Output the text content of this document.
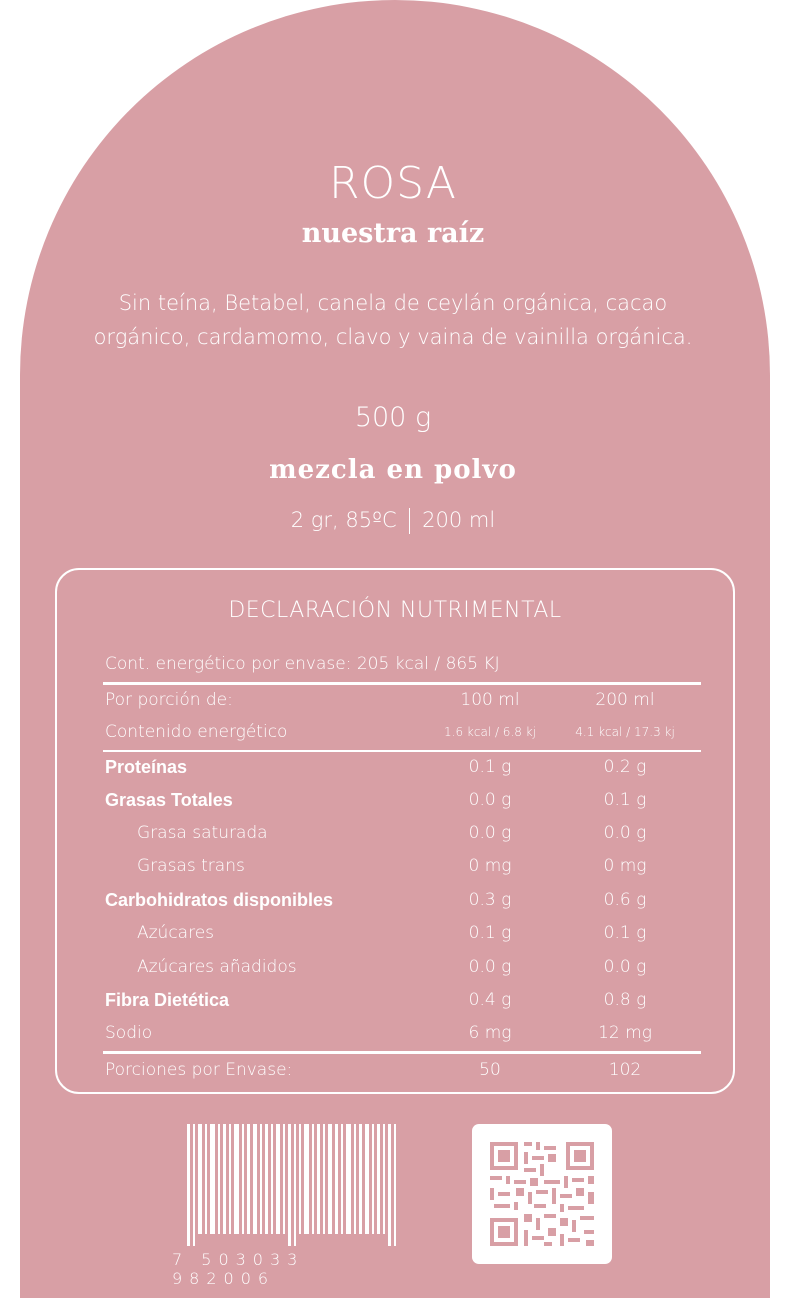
ROSA
nuestra raíz
Sin teína, Betabel, canela de ceylán orgánica, cacao orgánico, cardamomo, clavo y vaina de vainilla orgánica.
500 g
mezcla en polvo
2 gr, 85ºC 200 ml
DECLARACIÓN NUTRIMENTAL
Cont. energético por envase: 205 kcal / 865 KJ
Por porción de:	100 ml	200 ml
Contenido energético	1.6 kcal / 6.8 kj	4.1 kcal / 17.3 kj
Proteínas	0.1 g	0.2 g
Grasas Totales	0.0 g	0.1 g
Grasa saturada	0.0 g	0.0 g
Grasas trans	0 mg	0 mg
Carbohidratos disponibles	0.3 g	0.6 g
Azúcares	0.1 g	0.1 g
Azúcares añadidos	0.0 g	0.0 g
Fibra Dietética	0.4 g	0.8 g
Sodio	6 mg	12 mg
Porciones por Envase:	50	102
7 503033 982006
